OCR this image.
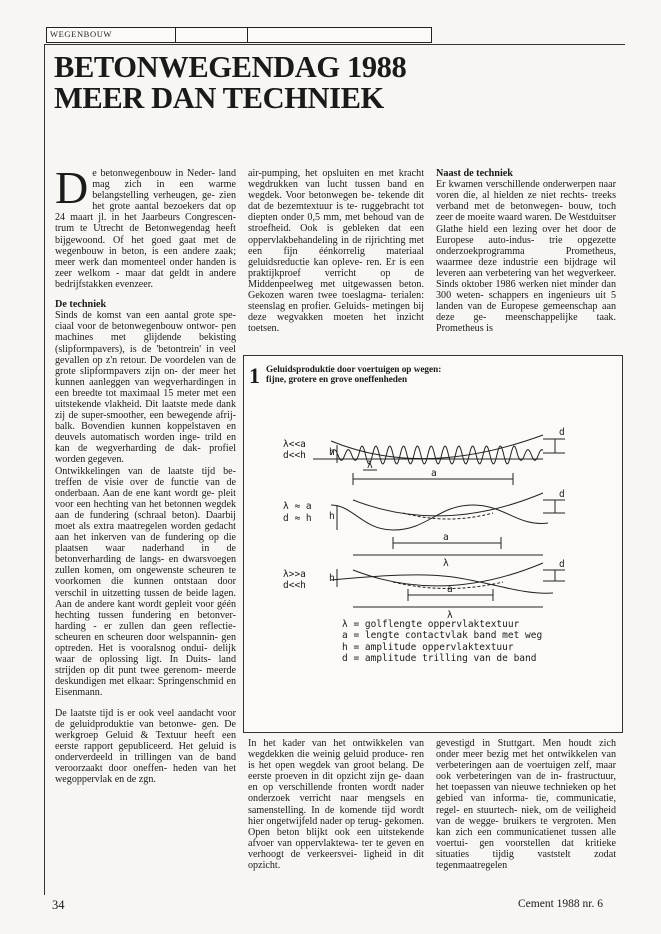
WEGENBOUW
BETONWEGENDAG 1988
MEER DAN TECHNIEK

De betonwegenbouw in Neder- land mag zich in een warme belangstelling verheugen, ge- zien het grote aantal bezoekers dat op 24 maart jl. in het Jaarbeurs Congrescen- trum te Utrecht de Betonwegendag heeft bijgewoond. Of het goed gaat met de wegenbouw in beton, is een andere zaak; meer werk dan momenteel onder handen is zeer welkom - maar dat geldt in andere bedrijfstakken evenzeer.

De techniek

Sinds de komst van een aantal grote spe- ciaal voor de betonwegenbouw ontwor- pen machines met glijdende bekisting (slipformpavers), is de 'betontrein' in veel gevallen op z'n retour. De voordelen van de grote slipformpavers zijn on- der meer het kunnen aanleggen van wegverhardingen in een breedte tot maximaal 15 meter met een uitstekende vlakheid. Dit laatste mede dank zij de super-smoother, een bewegende afrij- balk. Bovendien kunnen koppelstaven en deuvels automatisch worden inge- trild en kan de wegverharding de dak- profiel worden gegeven.

Ontwikkelingen van de laatste tijd be- treffen de visie over de functie van de onderbaan. Aan de ene kant wordt ge- pleit voor een hechting van het betonnen wegdek aan de fundering (schraal beton). Daarbij moet als extra maatregelen worden gedacht aan het inkerven van de fundering op die plaatsen waar naderhand in de betonverharding de langs- en dwarsvoegen zullen komen, om ongewenste scheuren te voorkomen die kunnen ontstaan door verschil in uitzetting tussen de beide lagen. Aan de andere kant wordt gepleit voor géén hechting tussen fundering en betonver- harding - er zullen dan geen reflectie- scheuren en scheuren door welspannin- gen optreden. Het is vooralsnog ondui- delijk waar de oplossing ligt. In Duits- land strijden op dit punt twee gerenom- meerde deskundigen met elkaar: Springenschmid en Eisenmann.

De laatste tijd is er ook veel aandacht voor de geluidproduktie van betonwe- gen. De werkgroep Geluid & Textuur heeft een eerste rapport gepubliceerd. Het geluid is onderverdeeld in trillingen van de band veroorzaakt door oneffen- heden van het wegoppervlak en de zgn.

air-pumping, het opsluiten en met kracht wegdrukken van lucht tussen band en wegdek. Voor betonwegen be- tekende dit dat de bezemtextuur is te- ruggebracht tot diepten onder 0,5 mm, met behoud van de stroefheid. Ook is gebleken dat een oppervlakbehandeling in de rijrichting met een fijn éénkorrelig materiaal geluidsreductie kan opleve- ren. Er is een praktijkproef verricht op de Middenpeelweg met uitgewassen beton. Gekozen waren twee toeslagma- terialen: steenslag en profier. Geluids- metingen bij deze wegvakken moeten het inzicht toetsen.

Naast de techniek

Er kwamen verschillende onderwerpen naar voren die, al hielden ze niet rechts- treeks verband met de betonwegen- bouw, toch zeer de moeite waard waren. De Westduitser Glathe hield een lezing over het door de Europese auto-indus- trie opgezette onderzoekprogramma Prometheus, waarmee deze industrie een bijdrage wil leveren aan verbetering van het wegverkeer. Sinds oktober 1986 werken niet minder dan 300 weten- schappers en ingenieurs uit 5 landen van de Europese gemeenschap aan deze ge- meenschappelijke taak. Prometheus is

1 Geluidsproduktie door voertuigen op wegen:
fijne, grotere en grove oneffenheden
λ<<a
d<<h
λ ≈ a
d ≈ h
λ>>a
d<<h
h
λ
a
d
h
a
λ
d
h
a
λ
d
λ = golflengte oppervlaktextuur
a = lengte contactvlak band met weg
h = amplitude oppervlaktextuur
d = amplitude trilling van de band

In het kader van het ontwikkelen van wegdekken die weinig geluid produce- ren is het open wegdek van groot belang. De eerste proeven in dit opzicht zijn ge- daan en op verschillende fronten wordt nader onderzoek verricht naar mengsels en samenstelling. In de komende tijd wordt hier ongetwijfeld nader op terug- gekomen. Open beton blijkt ook een uitstekende afvoer van oppervlaktewa- ter te geven en verhoogt de verkeersvei- ligheid in dit opzicht.

gevestigd in Stuttgart. Men houdt zich onder meer bezig met het ontwikkelen van verbeteringen aan de voertuigen zelf, maar ook verbeteringen van de in- frastructuur, het toepassen van nieuwe technieken op het gebied van informa- tie, communicatie, regel- en stuurtech- niek, om de veiligheid van de wegge- bruikers te vergroten. Men kan zich een communicatienet tussen alle voertui- gen voorstellen dat kritieke situaties tijdig vaststelt zodat tegenmaatregelen

34	Cement 1988 nr. 6
